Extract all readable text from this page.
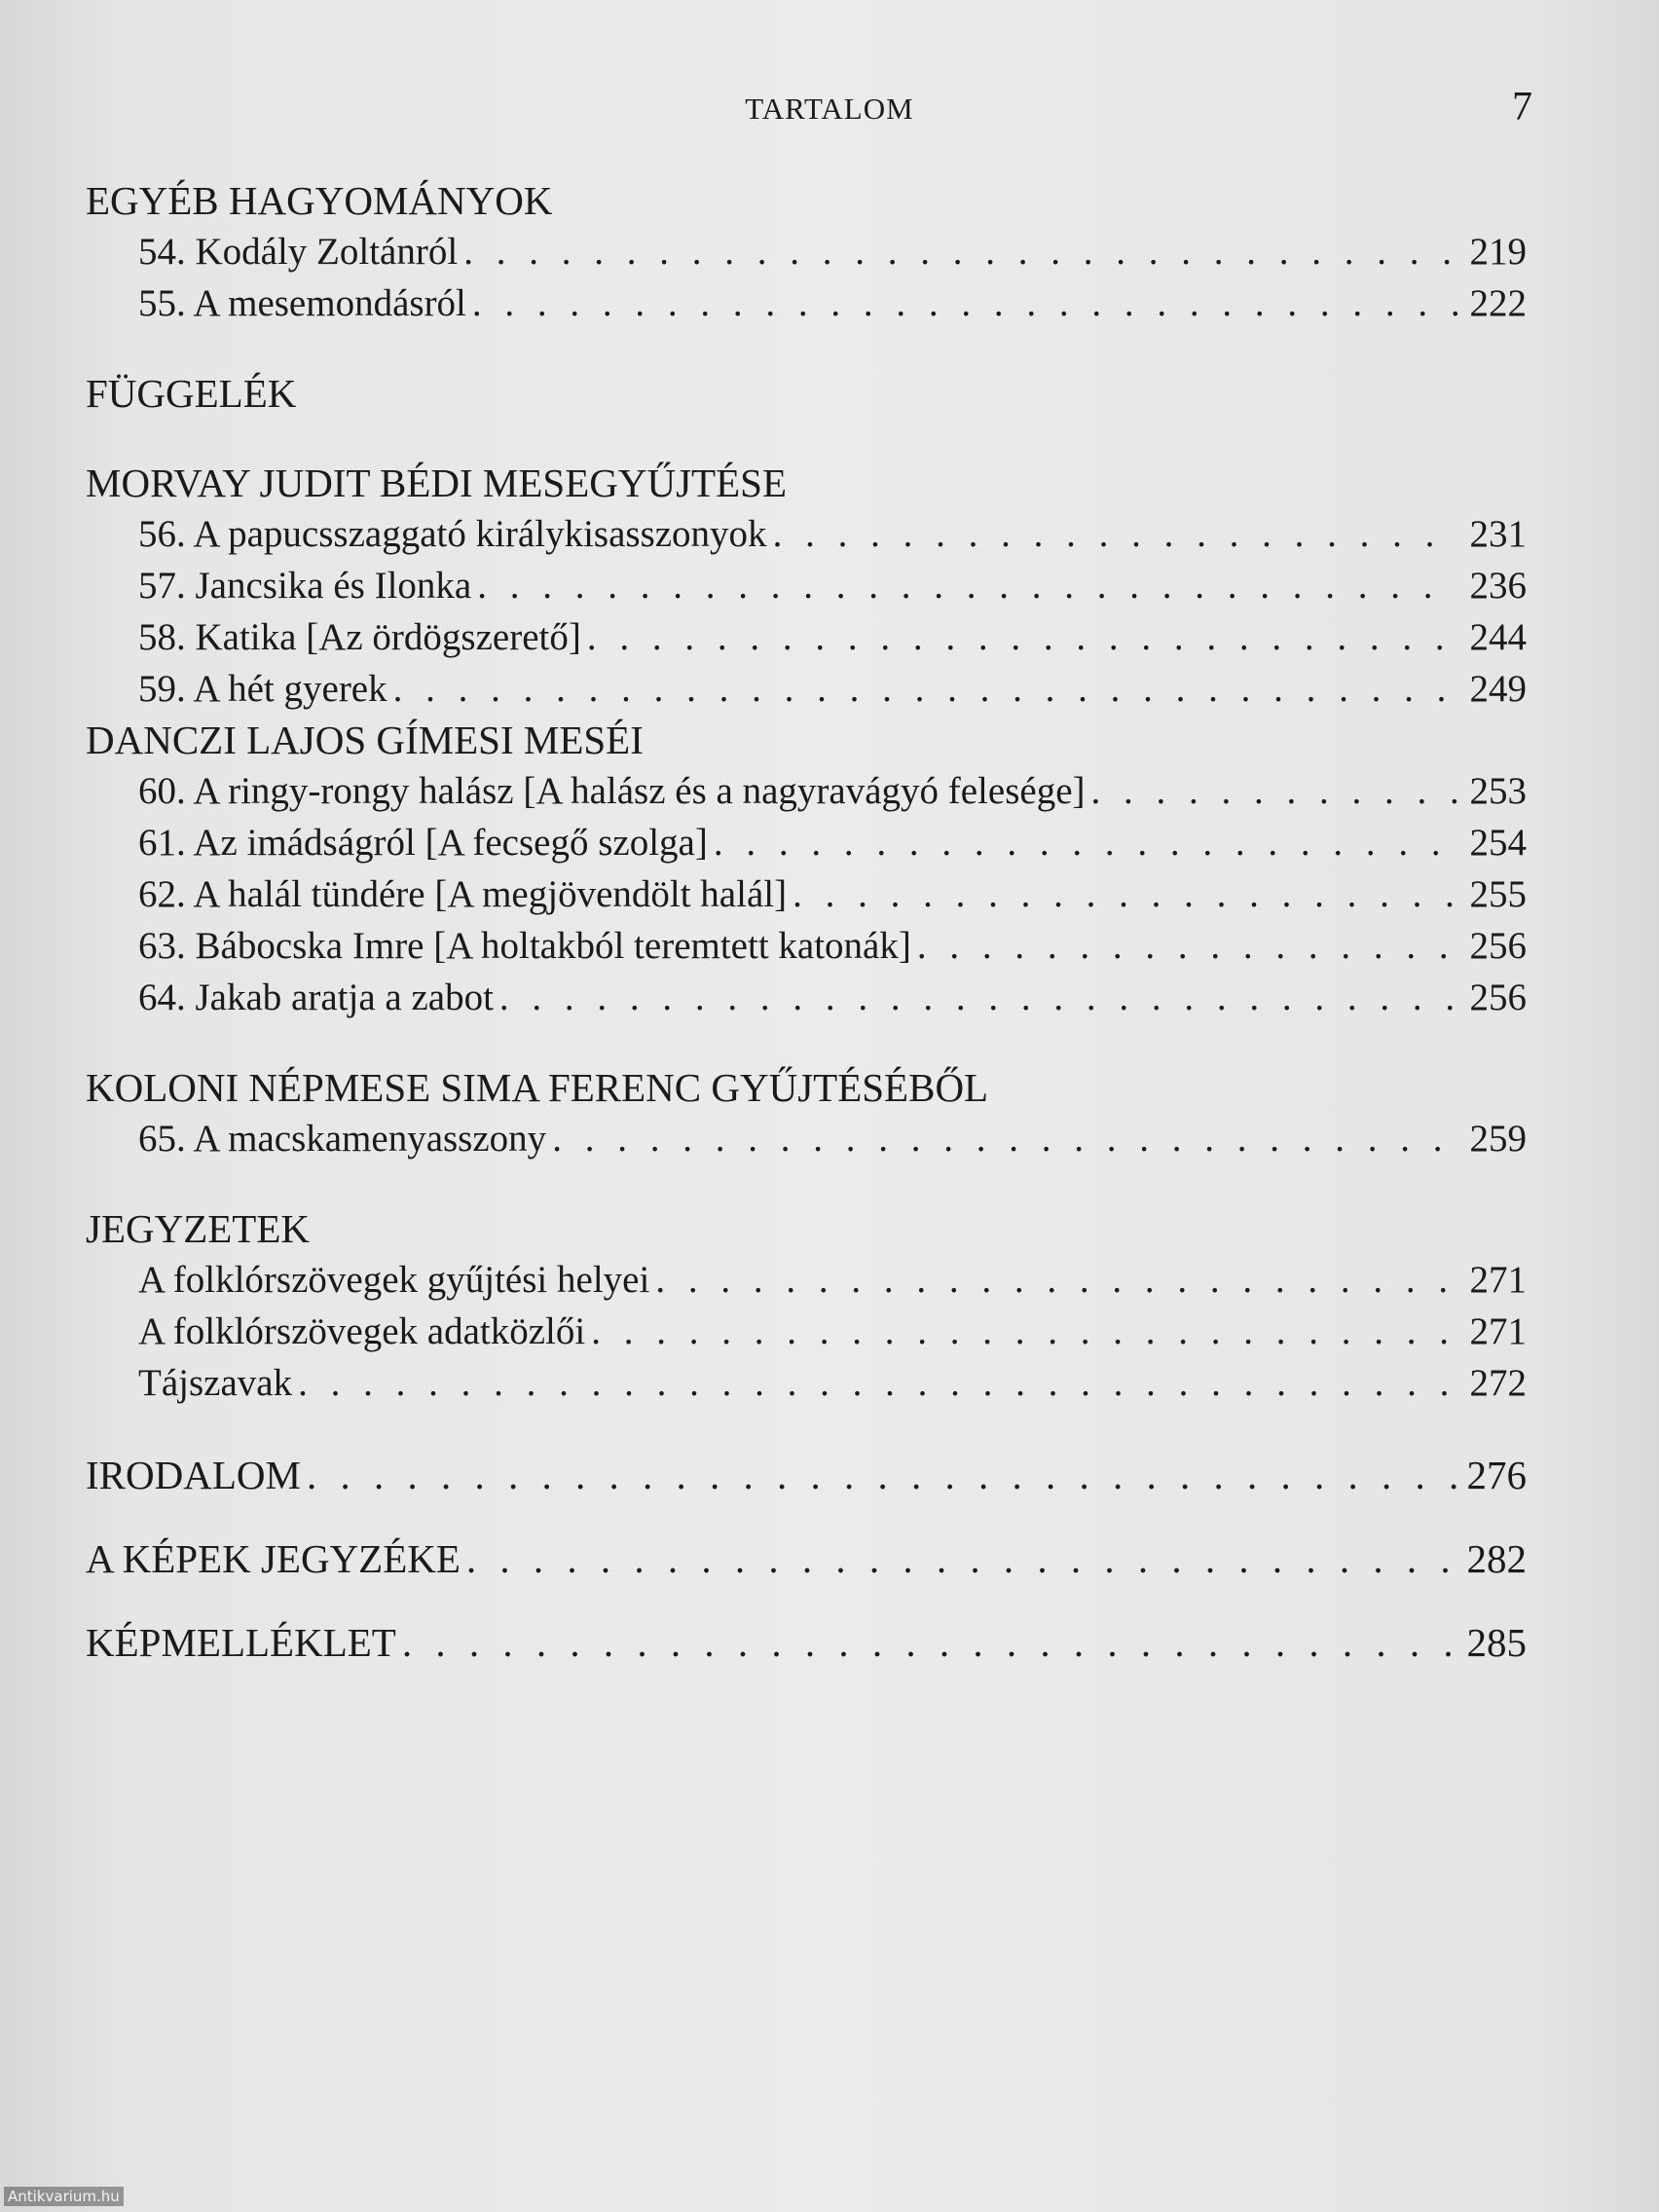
TARTALOM	7
EGYÉB HAGYOMÁNYOK
54. Kodály Zoltánról . . .	219
55. A mesemondásról . . .	222
FÜGGELÉK
MORVAY JUDIT BÉDI MESEGYŰJTÉSE
56. A papucsszaggató királykisasszonyok . . .	231
57. Jancsika és Ilonka . . .	236
58. Katika [Az ördögszerető] . . .	244
59. A hét gyerek . . .	249
DANCZI LAJOS GÍMESI MESÉI
60. A ringy-rongy halász [A halász és a nagyravágyó felesége] . . .	253
61. Az imádságról [A fecsegő szolga] . . .	254
62. A halál tündére [A megjövendölt halál] . . .	255
63. Bábocska Imre [A holtakból teremtett katonák] . . .	256
64. Jakab aratja a zabot . . .	256
KOLONI NÉPMESE SIMA FERENC GYŰJTÉSÉBŐL
65. A macskamenyasszony . . .	259
JEGYZETEK
A folklórszövegek gyűjtési helyei . . .	271
A folklórszövegek adatközlői . . .	271
Tájszavak . . .	272
IRODALOM . . .	276
A KÉPEK JEGYZÉKE . . .	282
KÉPMELLÉKLET . . .	285
Antikvarium.hu
